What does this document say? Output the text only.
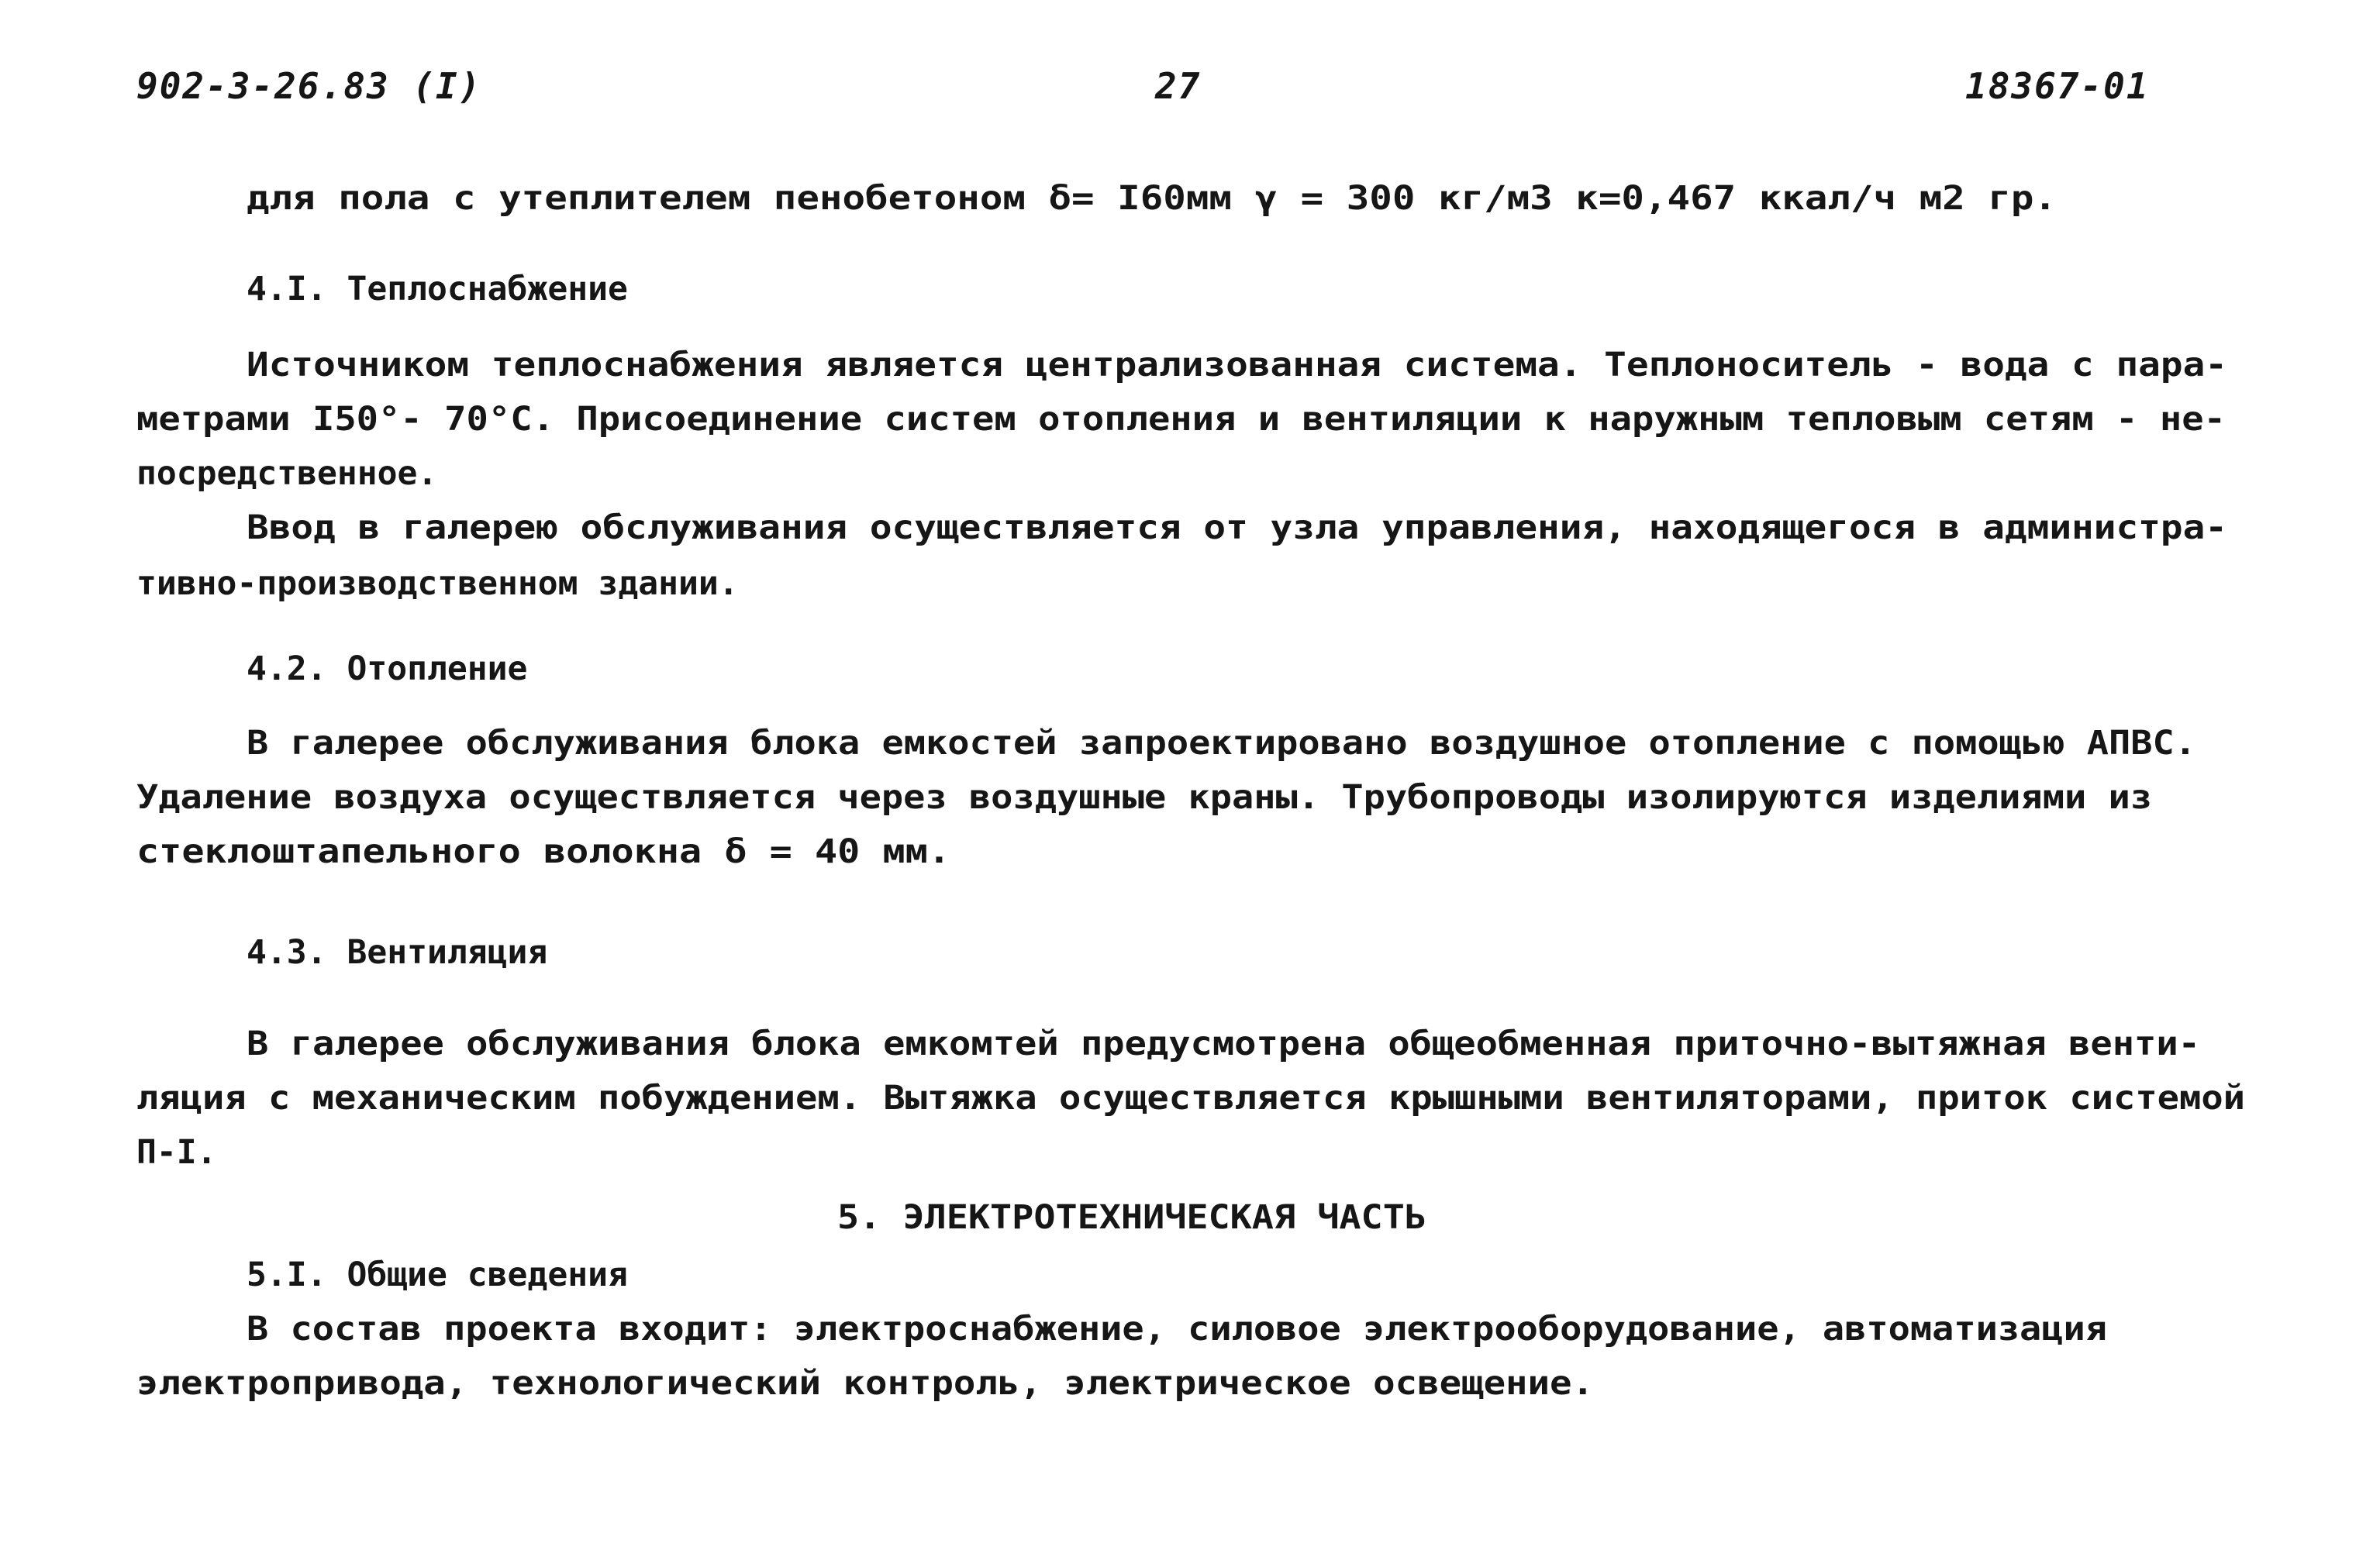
902-3-26.83 (I)	27	18367-01
для пола с утеплителем пенобетоном δ= I60мм γ = 300 кг/м3 к=0,467 ккал/ч м2 гр.
4.I. Теплоснабжение
Источником теплоснабжения является централизованная система. Теплоноситель - вода с пара-
метрами I50°- 70°С. Присоединение систем отопления и вентиляции к наружным тепловым сетям - не-
посредственное.
Ввод в галерею обслуживания осуществляется от узла управления, находящегося в администра-
тивно-производственном здании.
4.2. Отопление
В галерее обслуживания блока емкостей запроектировано воздушное отопление с помощью АПВС.
Удаление воздуха осуществляется через воздушные краны. Трубопроводы изолируются изделиями из
стеклоштапельного волокна δ = 40 мм.
4.3. Вентиляция
В галерее обслуживания блока емкомтей предусмотрена общеобменная приточно-вытяжная венти-
ляция с механическим побуждением. Вытяжка осуществляется крышными вентиляторами, приток системой
П-I.
5. ЭЛЕКТРОТЕХНИЧЕСКАЯ ЧАСТЬ
5.I. Общие сведения
В состав проекта входит: электроснабжение, силовое электрооборудование, автоматизация
электропривода, технологический контроль, электрическое освещение.
